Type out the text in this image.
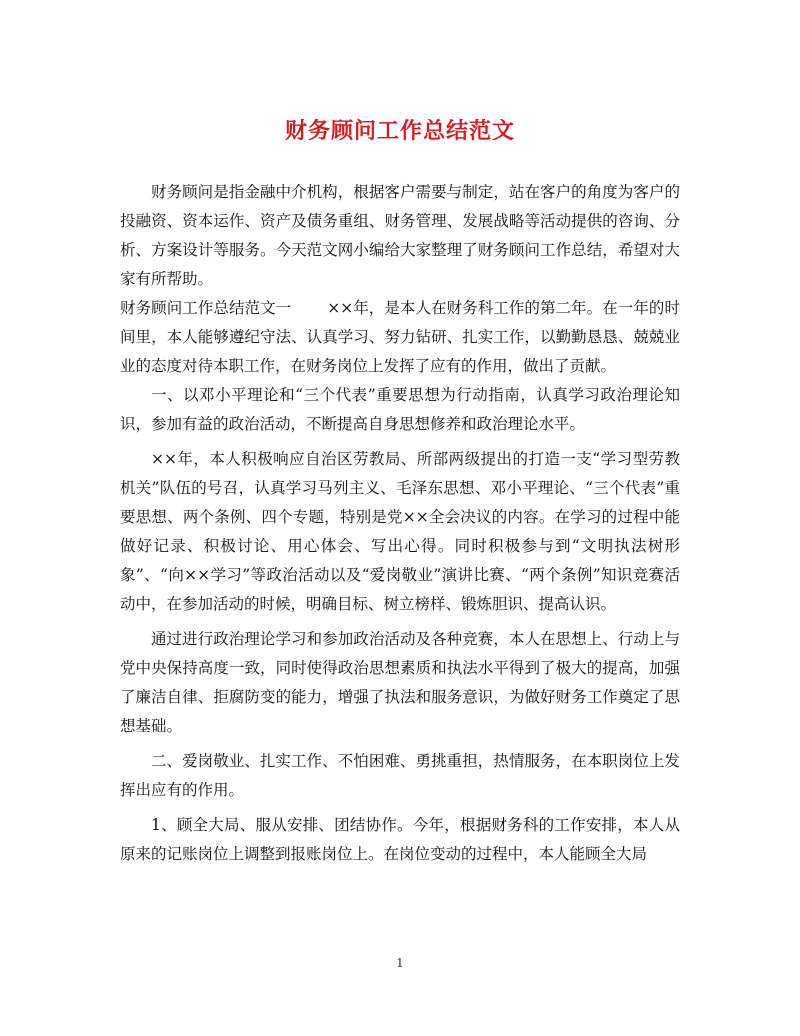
财务顾问工作总结范文

财务顾问是指金融中介机构，根据客户需要与制定，站在客户的角度为客户的投融资、资本运作、资产及债务重组、财务管理、发展战略等活动提供的咨询、分析、方案设计等服务。今天范文网小编给大家整理了财务顾问工作总结，希望对大家有所帮助。

财务顾问工作总结范文一 ××年，是本人在财务科工作的第二年。在一年的时间里，本人能够遵纪守法、认真学习、努力钻研、扎实工作，以勤勤恳恳、兢兢业业的态度对待本职工作，在财务岗位上发挥了应有的作用，做出了贡献。

一、以邓小平理论和“三个代表”重要思想为行动指南，认真学习政治理论知识，参加有益的政治活动，不断提高自身思想修养和政治理论水平。

××年，本人积极响应自治区劳教局、所部两级提出的打造一支“学习型劳教机关”队伍的号召，认真学习马列主义、毛泽东思想、邓小平理论、“三个代表”重要思想、两个条例、四个专题，特别是党××全会决议的内容。在学习的过程中能做好记录、积极讨论、用心体会、写出心得。同时积极参与到“文明执法树形象”、“向××学习”等政治活动以及“爱岗敬业”演讲比赛、“两个条例”知识竞赛活动中，在参加活动的时候，明确目标、树立榜样、锻炼胆识、提高认识。

通过进行政治理论学习和参加政治活动及各种竞赛，本人在思想上、行动上与党中央保持高度一致，同时使得政治思想素质和执法水平得到了极大的提高，加强了廉洁自律、拒腐防变的能力，增强了执法和服务意识，为做好财务工作奠定了思想基础。

二、爱岗敬业、扎实工作、不怕困难、勇挑重担，热情服务，在本职岗位上发挥出应有的作用。

1、顾全大局、服从安排、团结协作。今年，根据财务科的工作安排，本人从原来的记账岗位上调整到报账岗位上。在岗位变动的过程中，本人能顾全大局

1
